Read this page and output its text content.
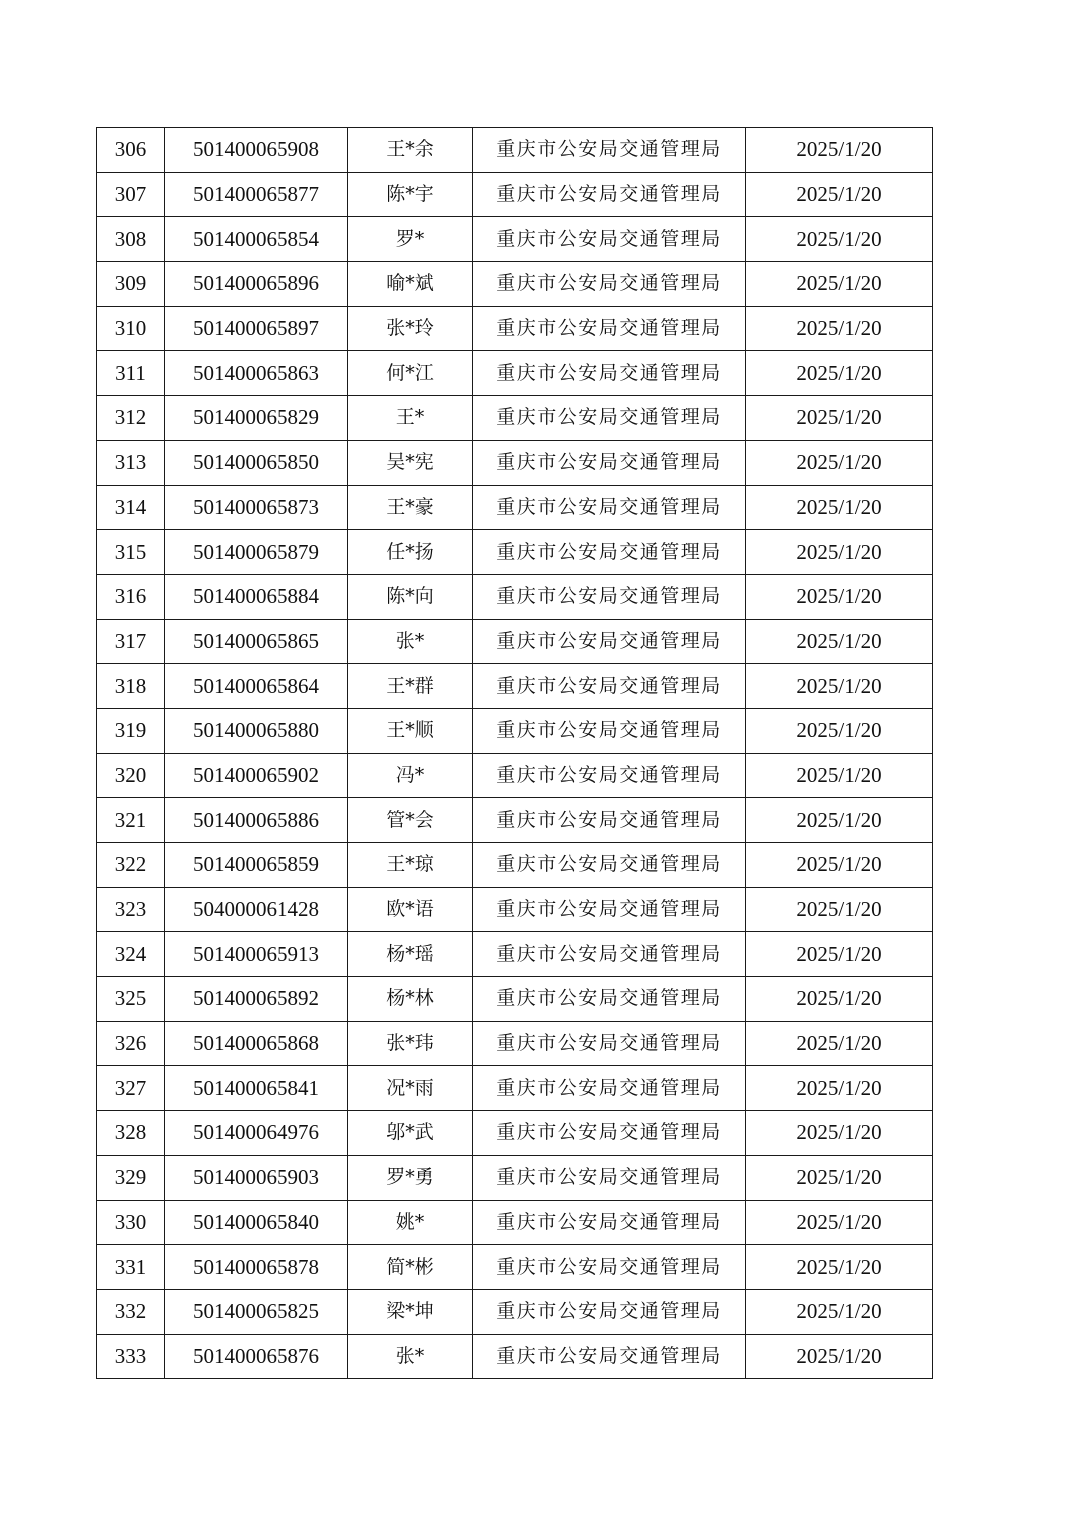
306	501400065908	王*余	重庆市公安局交通管理局	2025/1/20
307	501400065877	陈*宇	重庆市公安局交通管理局	2025/1/20
308	501400065854	罗*	重庆市公安局交通管理局	2025/1/20
309	501400065896	喻*斌	重庆市公安局交通管理局	2025/1/20
310	501400065897	张*玲	重庆市公安局交通管理局	2025/1/20
311	501400065863	何*江	重庆市公安局交通管理局	2025/1/20
312	501400065829	王*	重庆市公安局交通管理局	2025/1/20
313	501400065850	吴*宪	重庆市公安局交通管理局	2025/1/20
314	501400065873	王*豪	重庆市公安局交通管理局	2025/1/20
315	501400065879	任*扬	重庆市公安局交通管理局	2025/1/20
316	501400065884	陈*向	重庆市公安局交通管理局	2025/1/20
317	501400065865	张*	重庆市公安局交通管理局	2025/1/20
318	501400065864	王*群	重庆市公安局交通管理局	2025/1/20
319	501400065880	王*顺	重庆市公安局交通管理局	2025/1/20
320	501400065902	冯*	重庆市公安局交通管理局	2025/1/20
321	501400065886	管*会	重庆市公安局交通管理局	2025/1/20
322	501400065859	王*琼	重庆市公安局交通管理局	2025/1/20
323	504000061428	欧*语	重庆市公安局交通管理局	2025/1/20
324	501400065913	杨*瑶	重庆市公安局交通管理局	2025/1/20
325	501400065892	杨*林	重庆市公安局交通管理局	2025/1/20
326	501400065868	张*玮	重庆市公安局交通管理局	2025/1/20
327	501400065841	况*雨	重庆市公安局交通管理局	2025/1/20
328	501400064976	邬*武	重庆市公安局交通管理局	2025/1/20
329	501400065903	罗*勇	重庆市公安局交通管理局	2025/1/20
330	501400065840	姚*	重庆市公安局交通管理局	2025/1/20
331	501400065878	简*彬	重庆市公安局交通管理局	2025/1/20
332	501400065825	梁*坤	重庆市公安局交通管理局	2025/1/20
333	501400065876	张*	重庆市公安局交通管理局	2025/1/20
